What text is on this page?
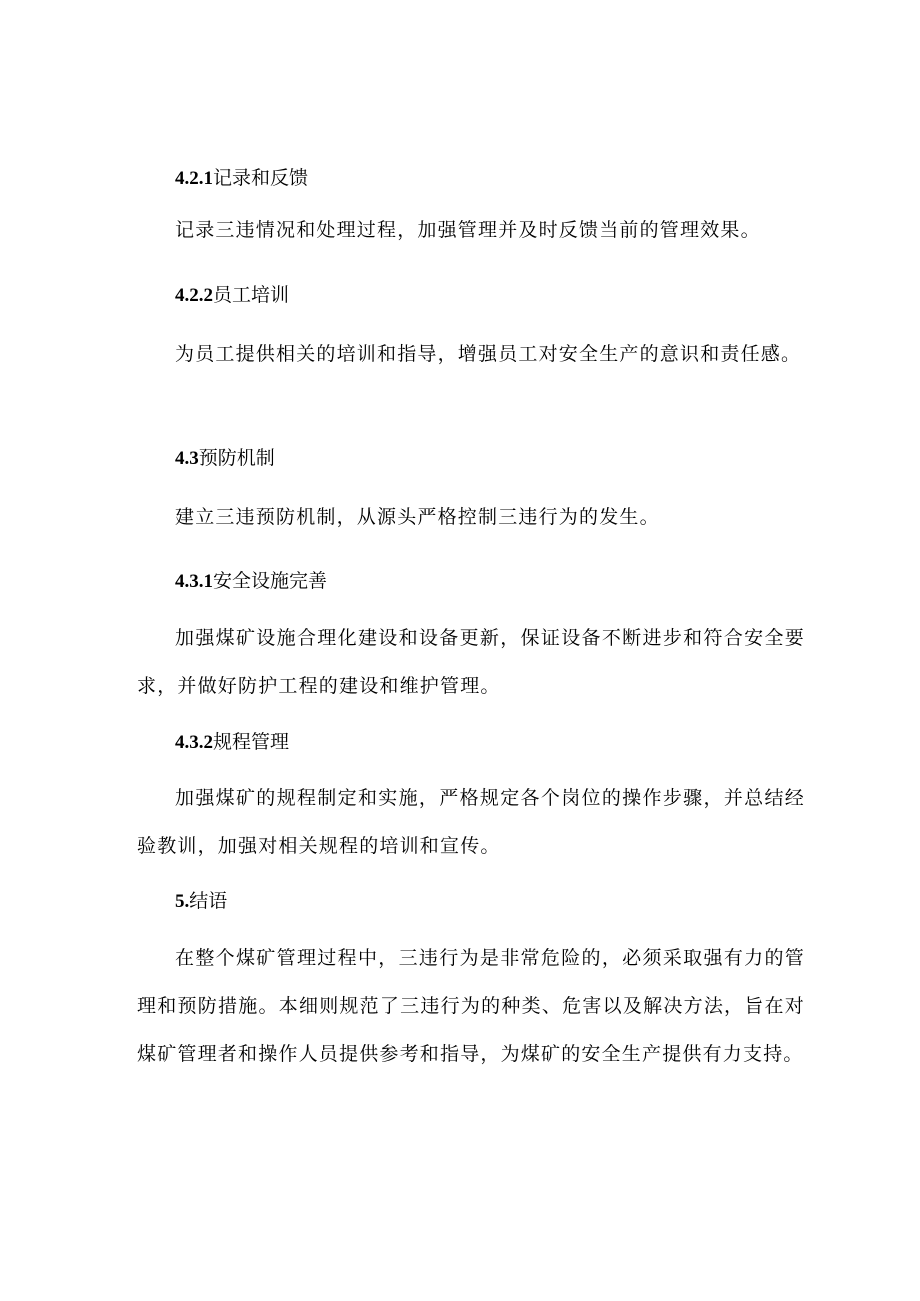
4.2.1记录和反馈
记录三违情况和处理过程，加强管理并及时反馈当前的管理效果。
4.2.2员工培训
为员工提供相关的培训和指导，增强员工对安全生产的意识和责任感。
4.3预防机制
建立三违预防机制，从源头严格控制三违行为的发生。
4.3.1安全设施完善
加强煤矿设施合理化建设和设备更新，保证设备不断进步和符合安全要求，并做好防护工程的建设和维护管理。
4.3.2规程管理
加强煤矿的规程制定和实施，严格规定各个岗位的操作步骤，并总结经验教训，加强对相关规程的培训和宣传。
5.结语
在整个煤矿管理过程中，三违行为是非常危险的，必须采取强有力的管理和预防措施。本细则规范了三违行为的种类、危害以及解决方法，旨在对煤矿管理者和操作人员提供参考和指导，为煤矿的安全生产提供有力支持。
